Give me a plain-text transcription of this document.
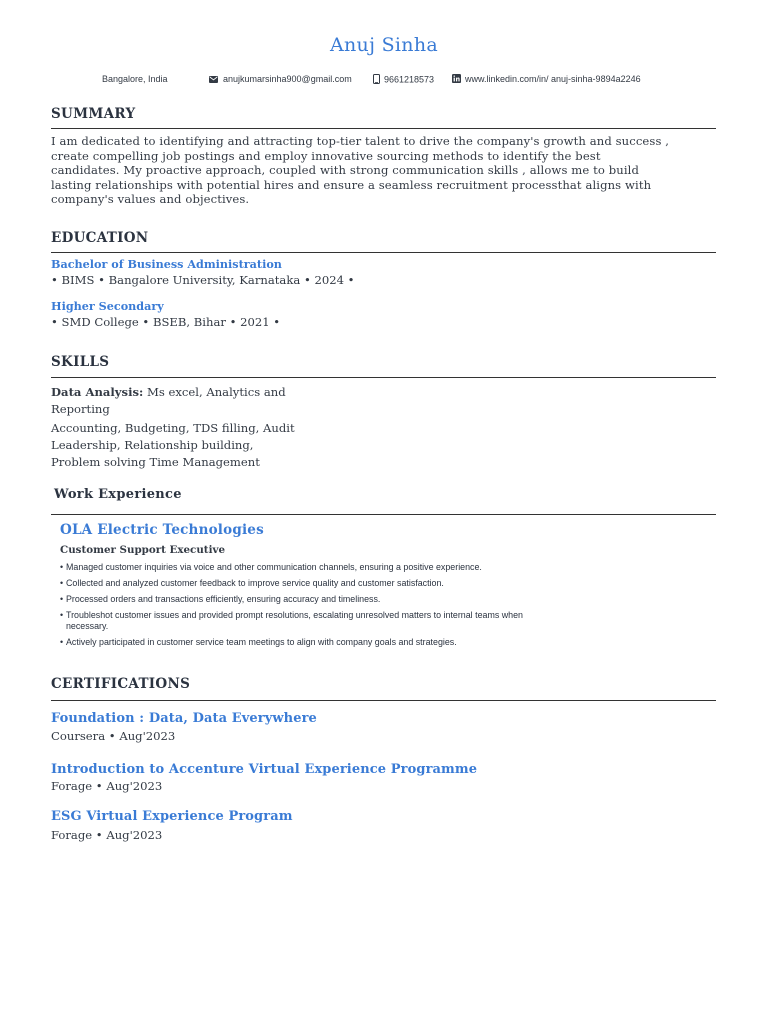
Anuj Sinha
Bangalore, India	anujkumarsinha900@gmail.com	9661218573	www.linkedin.com/in/ anuj-sinha-9894a2246
SUMMARY
I am dedicated to identifying and attracting top-tier talent to drive the company's growth and success ,
create compelling job postings and employ innovative sourcing methods to identify the best
candidates. My proactive approach, coupled with strong communication skills , allows me to build
lasting relationships with potential hires and ensure a seamless recruitment processthat aligns with
company's values and objectives.
EDUCATION
Bachelor of Business Administration
• BIMS • Bangalore University, Karnataka • 2024 •
Higher Secondary
• SMD College • BSEB, Bihar • 2021 •
SKILLS
Data Analysis: Ms excel, Analytics and
Reporting
Accounting, Budgeting, TDS filling, Audit
Leadership, Relationship building,
Problem solving Time Management
Work Experience
OLA Electric Technologies
Customer Support Executive
• Managed customer inquiries via voice and other communication channels, ensuring a positive experience.
• Collected and analyzed customer feedback to improve service quality and customer satisfaction.
• Processed orders and transactions efficiently, ensuring accuracy and timeliness.
• Troubleshot customer issues and provided prompt resolutions, escalating unresolved matters to internal teams when
necessary.
• Actively participated in customer service team meetings to align with company goals and strategies.
CERTIFICATIONS
Foundation : Data, Data Everywhere
Coursera • Aug'2023
Introduction to Accenture Virtual Experience Programme
Forage • Aug'2023
ESG Virtual Experience Program
Forage • Aug'2023
